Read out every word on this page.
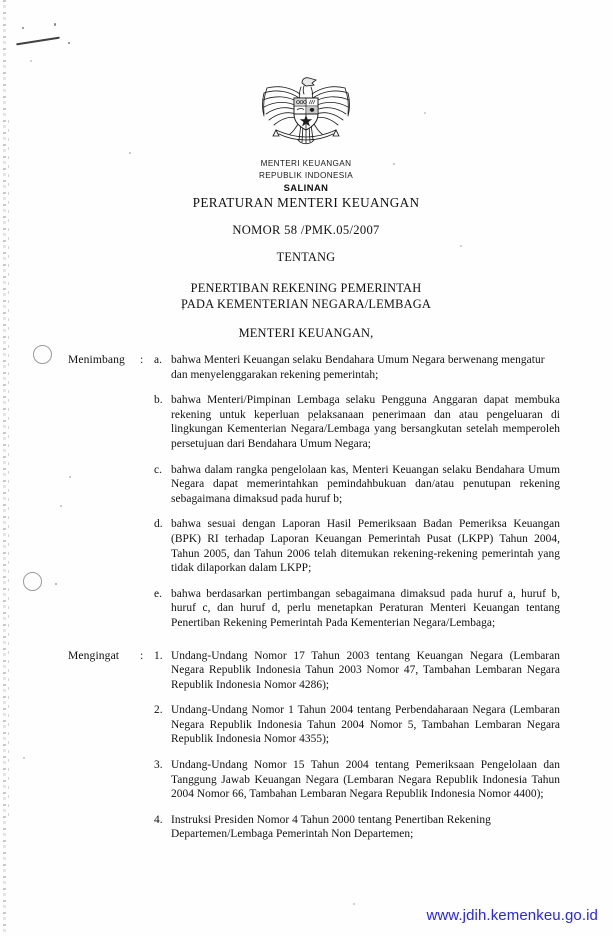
MENTERI KEUANGAN
REPUBLIK INDONESIA
SALINAN
PERATURAN MENTERI KEUANGAN
NOMOR 58 /PMK.05/2007
TENTANG
PENERTIBAN REKENING PEMERINTAH
PADA KEMENTERIAN NEGARA/LEMBAGA
MENTERI KEUANGAN,
Menimbang	: a. bahwa Menteri Keuangan selaku Bendahara Umum Negara berwenang mengatur dan menyelenggarakan rekening pemerintah;
b. bahwa Menteri/Pimpinan Lembaga selaku Pengguna Anggaran dapat membuka rekening untuk keperluan pelaksanaan penerimaan dan atau pengeluaran di lingkungan Kementerian Negara/Lembaga yang bersangkutan setelah memperoleh persetujuan dari Bendahara Umum Negara;
c. bahwa dalam rangka pengelolaan kas, Menteri Keuangan selaku Bendahara Umum Negara dapat memerintahkan pemindahbukuan dan/atau penutupan rekening sebagaimana dimaksud pada huruf b;
d. bahwa sesuai dengan Laporan Hasil Pemeriksaan Badan Pemeriksa Keuangan (BPK) RI terhadap Laporan Keuangan Pemerintah Pusat (LKPP) Tahun 2004, Tahun 2005, dan Tahun 2006 telah ditemukan rekening-rekening pemerintah yang tidak dilaporkan dalam LKPP;
e. bahwa berdasarkan pertimbangan sebagaimana dimaksud pada huruf a, huruf b, huruf c, dan huruf d, perlu menetapkan Peraturan Menteri Keuangan tentang Penertiban Rekening Pemerintah Pada Kementerian Negara/Lembaga;
Mengingat	: 1. Undang-Undang Nomor 17 Tahun 2003 tentang Keuangan Negara (Lembaran Negara Republik Indonesia Tahun 2003 Nomor 47, Tambahan Lembaran Negara Republik Indonesia Nomor 4286);
2. Undang-Undang Nomor 1 Tahun 2004 tentang Perbendaharaan Negara (Lembaran Negara Republik Indonesia Tahun 2004 Nomor 5, Tambahan Lembaran Negara Republik Indonesia Nomor 4355);
3. Undang-Undang Nomor 15 Tahun 2004 tentang Pemeriksaan Pengelolaan dan Tanggung Jawab Keuangan Negara (Lembaran Negara Republik Indonesia Tahun 2004 Nomor 66, Tambahan Lembaran Negara Republik Indonesia Nomor 4400);
4. Instruksi Presiden Nomor 4 Tahun 2000 tentang Penertiban Rekening Departemen/Lembaga Pemerintah Non Departemen;
www.jdih.kemenkeu.go.id
